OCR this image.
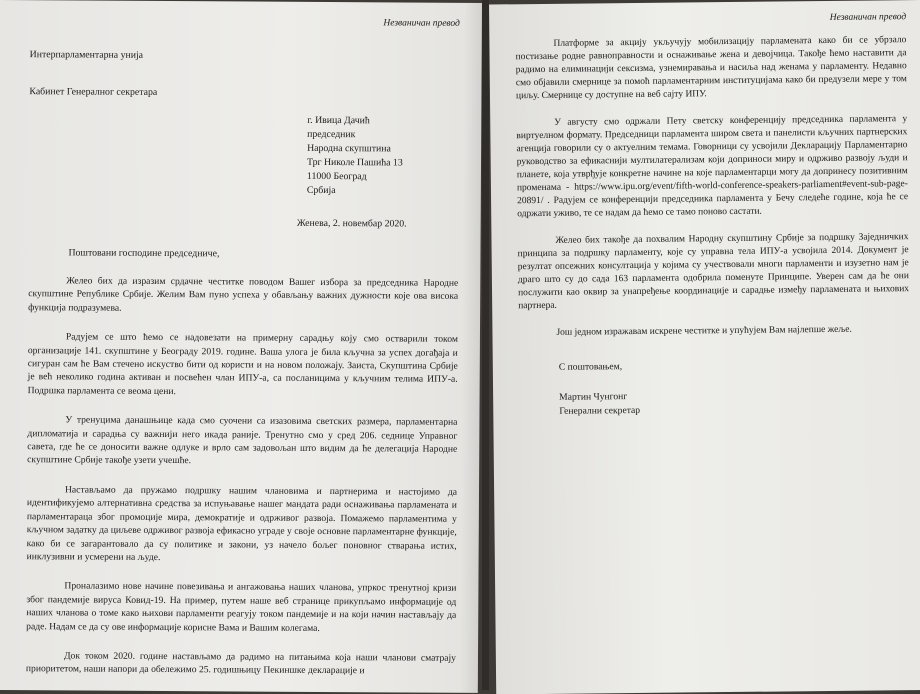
Незваничан превод
Интерпарламентарна унија
Кабинет Генералног секретара
г. Ивица Дачић
председник
Народна скупштина
Трг Николе Пашића 13
11000 Београд
Србија
Женева, 2. новембар 2020.
Поштовани господине председниче,

Желео бих да изразим срдачне честитке поводом Вашег избора за председника Народне скупштине Републике Србије. Желим Вам пуно успеха у обављању важних дужности које ова висока функција подразумева.

Радујем се што ћемо се надовезати на примерну сарадњу коју смо остварили током организације 141. скупштине у Београду 2019. године. Ваша улога је била кључна за успех догађаја и сигуран сам ће Вам стечено искуство бити од користи и на новом положају. Заиста, Скупштина Србије је већ неколико година активан и посвећен члан ИПУ-а, са посланицима у кључним телима ИПУ-а. Подршка парламента се веома цени.

У тренуцима данашњице када смо суочени са изазовима светских размера, парламентарна дипломатија и сарадња су важнији него икада раније. Тренутно смо у сред 206. седнице Управног савета, где ће се доносити важне одлуке и врло сам задовољан што видим да ће делегација Народне скупштине Србије такође узети учешће.

Настављамо да пружамо подршку нашим члановима и партнерима и настојимо да идентификујемо алтернативна средства за испуњавање нашег мандата ради оснаживања парламената и парламентараца због промоције мира, демократије и одрживог развоја. Помажемо парламентима у кључном задатку да циљеве одрживог развоја ефикасно уграде у своје основне парламентарне функције, како би се загарантовало да су политике и закони, уз начело бољег поновног стварања истих, инклузивни и усмерени на људе.

Проналазимо нове начине повезивања и ангажовања наших чланова, упркос тренутној кризи због пандемије вируса Ковид-19. На пример, путем наше веб странице прикупљамо информације од наших чланова о томе како њихови парламенти реагују током пандемије и на који начин настављају да раде. Надам се да су ове информације корисне Вама и Вашим колегама.

Док током 2020. године настављамо да радимо на питањима која наши чланови сматрају приоритетом, наши напори да обележимо 25. годишњицу Пекиншке декларације и

Незваничан превод

Платформе за акцију укључују мобилизацију парламената како би се убрзало постизање родне равноправности и оснаживање жена и девојчица. Такође ћемо наставити да радимо на елиминацији сексизма, узнемиравања и насиља над женама у парламенту. Недавно смо објавили смернице за помоћ парламентарним институцијама како би предузели мере у том циљу. Смернице су доступне на веб сајту ИПУ.

У августу смо одржали Пету светску конференцију председника парламента у виртуелном формату. Председници парламента широм света и панелисти кључних партнерских агенција говорили су о актуелним темама. Говорници су усвојили Декларацију Парламентарно руководство за ефикаснији мултилатерализам који доприноси миру и одрживо развоју људи и планете, која утврђује конкретне начине на које парламентарци могу да допринесу позитивним променама - https://www.ipu.org/event/fifth-world-conference-speakers-parliament#event-sub-page-20891/ . Радујем се конференцији председника парламента у Бечу следеће године, која ће се одржати уживо, те се надам да ћемо се тамо поново састати.

Желео бих такође да похвалим Народну скупштину Србије за подршку Заједничких принципа за подршку парламенту, које су управна тела ИПУ-а усвојила 2014. Документ је резултат опсежних консултација у којима су учествовали многи парламенти и изузетно нам је драго што су до сада 163 парламента одобрила поменуте Принципе. Уверен сам да ће они послужити као оквир за унапређење координације и сарадње између парламената и њихових партнера.

Још једном изражавам искрене честитке и упућујем Вам најлепше жеље.

С поштовањем,
Мартин Чунгонг
Генерални секретар
